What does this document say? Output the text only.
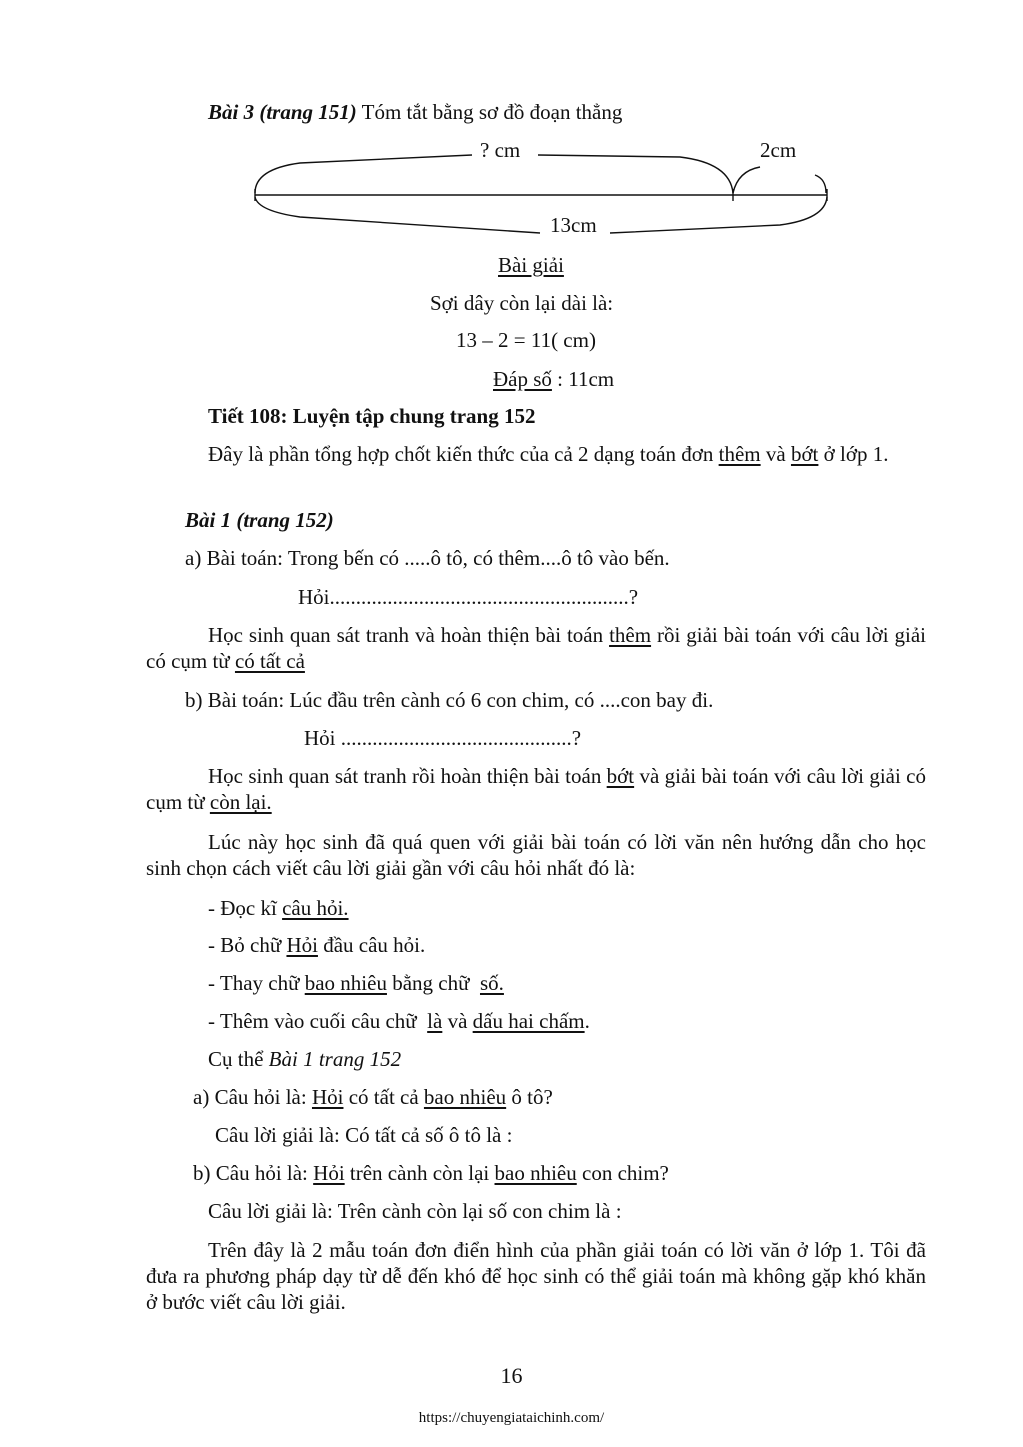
Bài 3 (trang 151) Tóm tắt bằng sơ đồ đoạn thẳng
? cm	2cm
13cm
Bài giải
Sợi dây còn lại dài là:
13 – 2 = 11( cm)
Đáp số : 11cm
Tiết 108: Luyện tập chung trang 152
Đây là phần tổng hợp chốt kiến thức của cả 2 dạng toán đơn thêm và bớt ở lớp 1.
Bài 1 (trang 152)
a) Bài toán: Trong bến có .....ô tô, có thêm....ô tô vào bến.
Hỏi.........................................................?
Học sinh quan sát tranh và hoàn thiện bài toán thêm rồi giải bài toán với câu lời giải có cụm từ có tất cả
b) Bài toán: Lúc đầu trên cành có 6 con chim, có ....con bay đi.
Hỏi ............................................?
Học sinh quan sát tranh rồi hoàn thiện bài toán bớt và giải bài toán với câu lời giải có cụm từ còn lại.
Lúc này học sinh đã quá quen với giải bài toán có lời văn nên hướng dẫn cho học sinh chọn cách viết câu lời giải gần với câu hỏi nhất đó là:
- Đọc kĩ câu hỏi.
- Bỏ chữ Hỏi đầu câu hỏi.
- Thay chữ bao nhiêu bằng chữ  số.
- Thêm vào cuối câu chữ  là và dấu hai chấm.
Cụ thể Bài 1 trang 152
a) Câu hỏi là: Hỏi có tất cả bao nhiêu ô tô?
Câu lời giải là: Có tất cả số ô tô là :
b) Câu hỏi là: Hỏi trên cành còn lại bao nhiêu con chim?
Câu lời giải là: Trên cành còn lại số con chim là :
Trên đây là 2 mẫu toán đơn điển hình của phần giải toán có lời văn ở lớp 1. Tôi đã đưa ra phương pháp dạy từ dễ đến khó để học sinh có thể giải toán mà không gặp khó khăn ở bước viết câu lời giải.
16
https://chuyengiataichinh.com/
